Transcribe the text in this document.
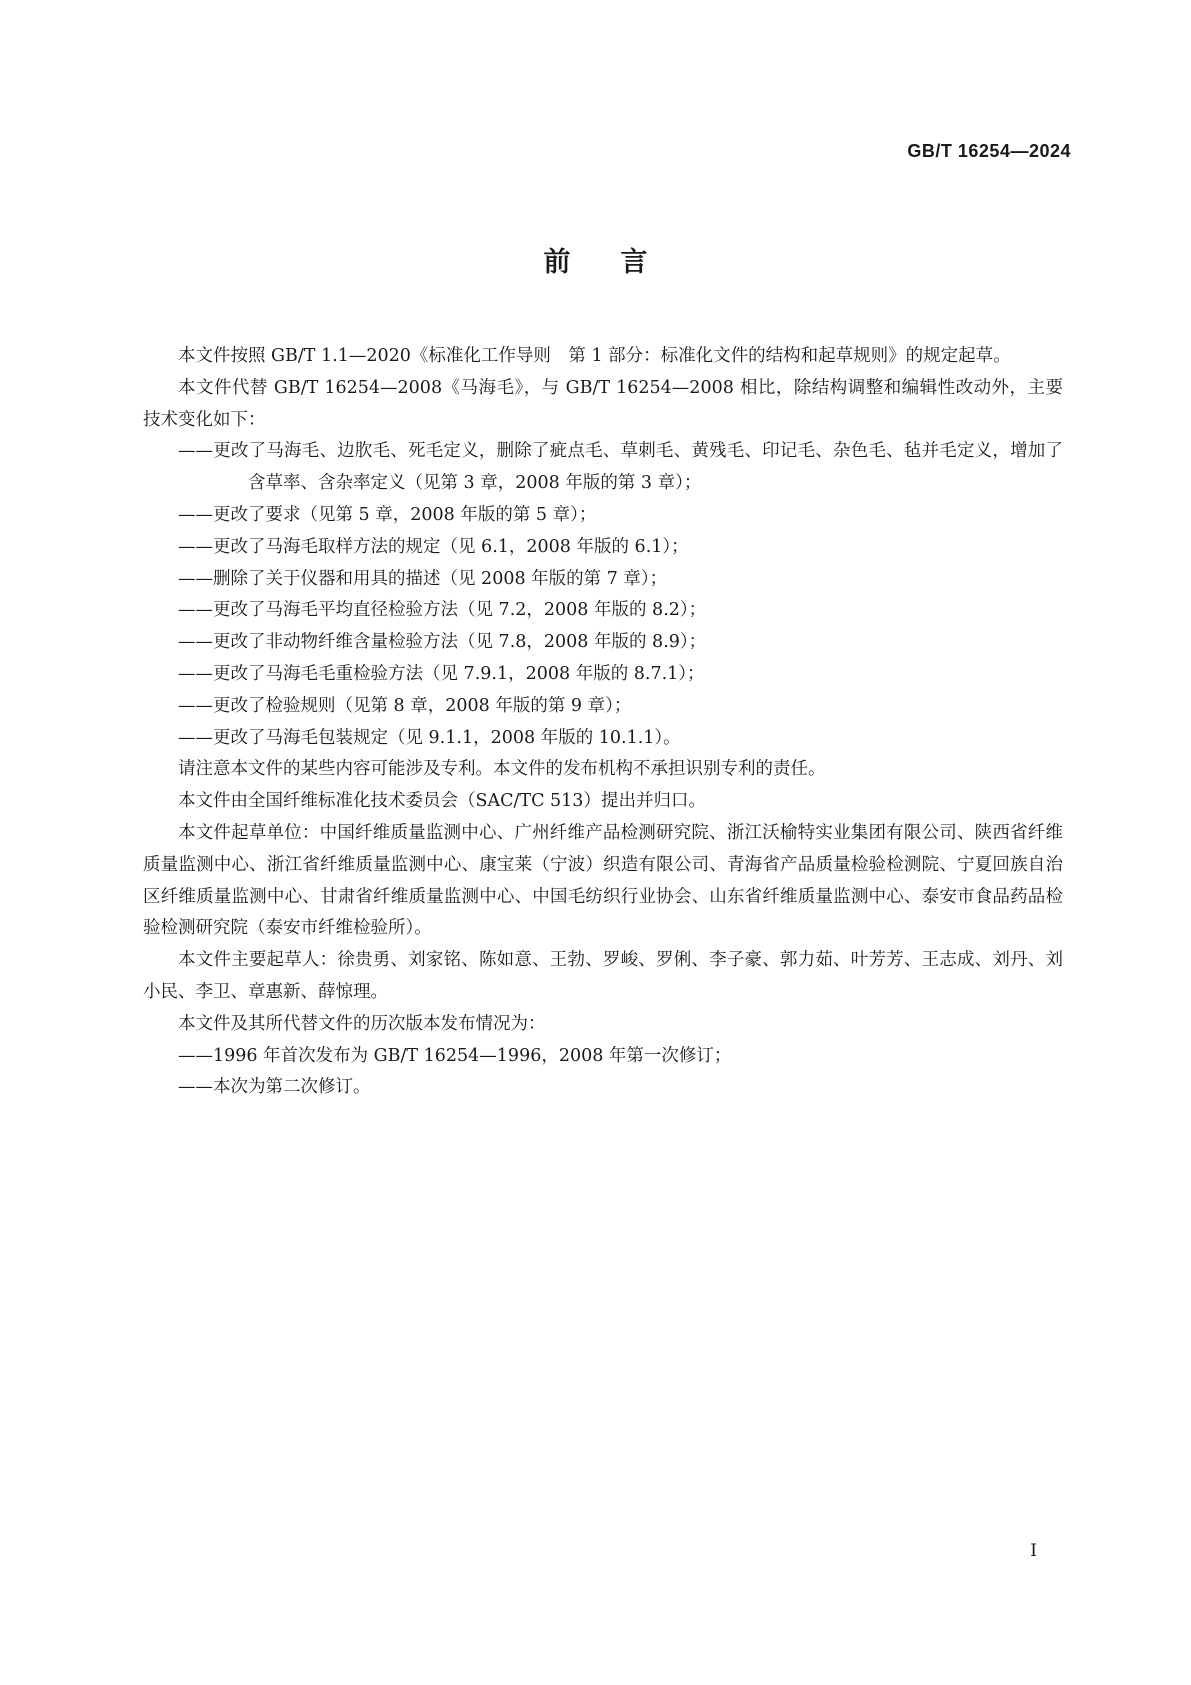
GB/T 16254—2024

前言

本文件按照 GB/T 1.1—2020《标准化工作导则　第 1 部分：标准化文件的结构和起草规则》的规定起草。

本文件代替 GB/T 16254—2008《马海毛》，与 GB/T 16254—2008 相比，除结构调整和编辑性改动外，主要技术变化如下：

——更改了马海毛、边肷毛、死毛定义，删除了疵点毛、草刺毛、黄残毛、印记毛、杂色毛、毡并毛定义，增加了含草率、含杂率定义（见第 3 章，2008 年版的第 3 章）；
——更改了要求（见第 5 章，2008 年版的第 5 章）；
——更改了马海毛取样方法的规定（见 6.1，2008 年版的 6.1）；
——删除了关于仪器和用具的描述（见 2008 年版的第 7 章）；
——更改了马海毛平均直径检验方法（见 7.2，2008 年版的 8.2）；
——更改了非动物纤维含量检验方法（见 7.8，2008 年版的 8.9）；
——更改了马海毛毛重检验方法（见 7.9.1，2008 年版的 8.7.1）；
——更改了检验规则（见第 8 章，2008 年版的第 9 章）；
——更改了马海毛包装规定（见 9.1.1，2008 年版的 10.1.1）。

请注意本文件的某些内容可能涉及专利。本文件的发布机构不承担识别专利的责任。

本文件由全国纤维标准化技术委员会（SAC/TC 513）提出并归口。

本文件起草单位：中国纤维质量监测中心、广州纤维产品检测研究院、浙江沃榆特实业集团有限公司、陕西省纤维质量监测中心、浙江省纤维质量监测中心、康宝莱（宁波）织造有限公司、青海省产品质量检验检测院、宁夏回族自治区纤维质量监测中心、甘肃省纤维质量监测中心、中国毛纺织行业协会、山东省纤维质量监测中心、泰安市食品药品检验检测研究院（泰安市纤维检验所）。

本文件主要起草人：徐贵勇、刘家铭、陈如意、王勃、罗峻、罗俐、李子豪、郭力茹、叶芳芳、王志成、刘丹、刘小民、李卫、章惠新、薛惊理。

本文件及其所代替文件的历次版本发布情况为：

——1996 年首次发布为 GB/T 16254—1996，2008 年第一次修订；
——本次为第二次修订。

I
